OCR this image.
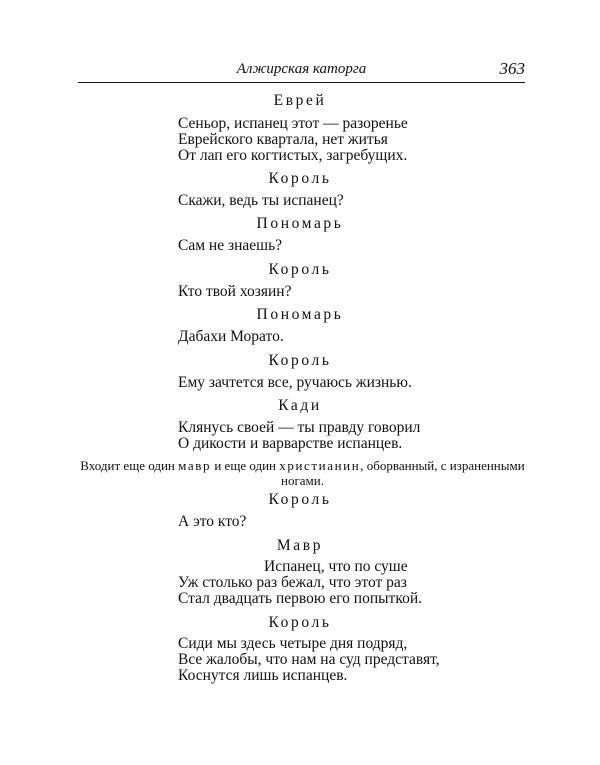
Алжирская каторга	363
Еврей
Сеньор, испанец этот — разоренье
Еврейского квартала, нет житья
От лап его когтистых, загребущих.
Король
Скажи, ведь ты испанец?
Пономарь
Сам не знаешь?
Король
Кто твой хозяин?
Пономарь
Дабахи Морато.
Король
Ему зачтется все, ручаюсь жизнью.
Кади
Клянусь своей — ты правду говорил
О дикости и варварстве испанцев.
Входит еще один мавр и еще один христианин, оборванный, с израненными
ногами.
Король
А это кто?
Мавр
Испанец, что по суше
Уж столько раз бежал, что этот раз
Стал двадцать первою его попыткой.
Король
Сиди мы здесь четыре дня подряд,
Все жалобы, что нам на суд представят,
Коснутся лишь испанцев.
